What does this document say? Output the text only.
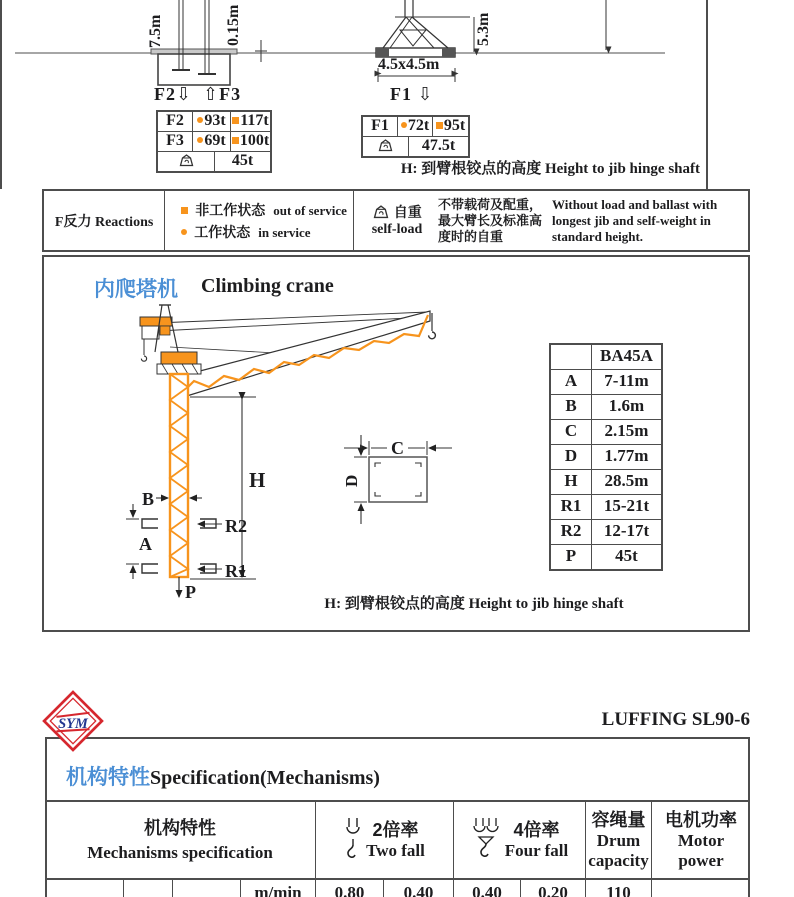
7.5m	0.15m	5.3m
F2⇩ ⇧F3	F1 ⇩
4.5x4.5m
F2	93t 117t
F3	69t 100t
45t
F1	72t 95t
47.5t
H: 到臂根铰点的高度 Height to jib hinge shaft
F反力 Reactions
非工作状态 out of service
工作状态 in service
自重
self-load
不带载荷及配重，最大臂长及标准高度时的自重
Without load and ballast with longest jib and self-weight in standard height.
内爬塔机 Climbing crane
H
B
R2
R1
A
P
C
D
BA45A
A	7-11m
B	1.6m
C	2.15m
D	1.77m
H	28.5m
R1	15-21t
R2	12-17t
P	45t
H: 到臂根铰点的高度 Height to jib hinge shaft
SYM	LUFFING SL90-6
机构特性Specification(Mechanisms)
机构特性
Mechanisms specification
2倍率
Two fall
4倍率
Four fall
容绳量
Drum
capacity
电机功率
Motor
power
m/min	0.80	0.40	0.40	0.20	110
